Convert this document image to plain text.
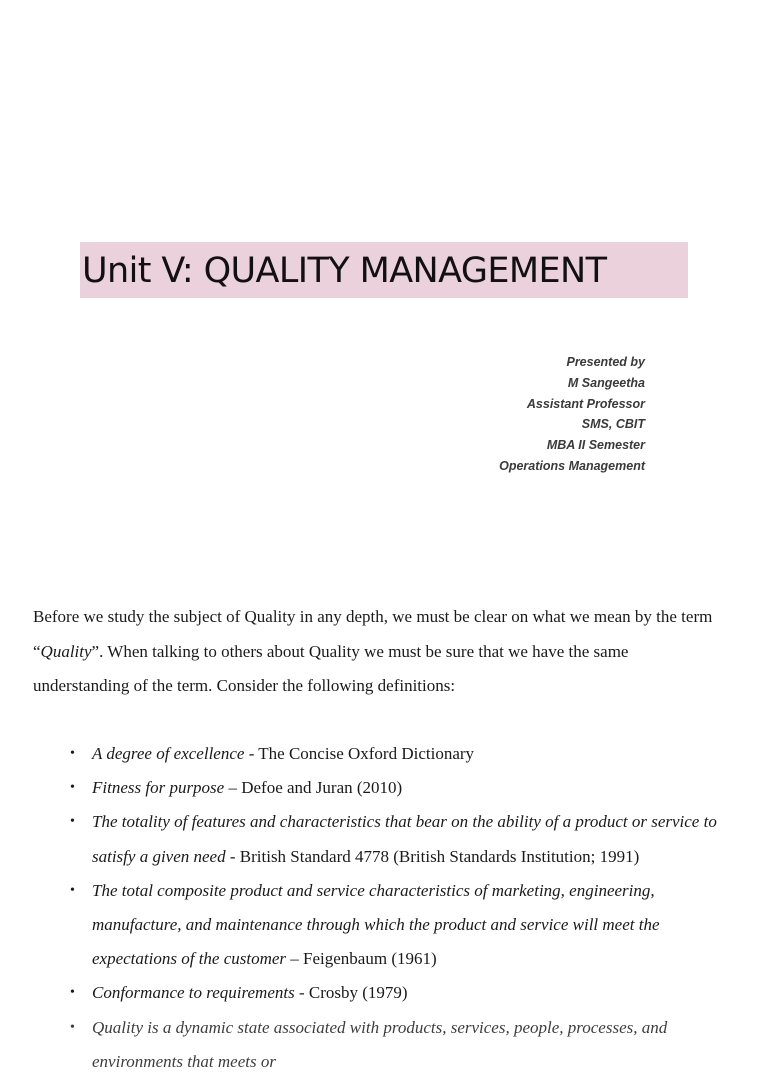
Unit V: QUALITY MANAGEMENT
Presented by
M Sangeetha
Assistant Professor
SMS, CBIT
MBA II Semester
Operations Management

Before we study the subject of Quality in any depth, we must be clear on what we mean by the term Quality . When talking to others about Quality we must be sure that we have the same understanding of the term. Consider the following definitions:

• A degree of excellence - The Concise Oxford Dictionary
• Fitness for purpose – Defoe and Juran (2010)
• The totality of features and characteristics that bear on the ability of a product or service to satisfy a given need - British Standard 4778 (British Standards Institution; 1991)
• The total composite product and service characteristics of marketing, engineering, manufacture, and maintenance through which the product and service will meet the expectations of the customer – Feigenbaum (1961)
• Conformance to requirements - Crosby (1979)
• Quality is a dynamic state associated with products, services, people, processes, and environments that meets or
